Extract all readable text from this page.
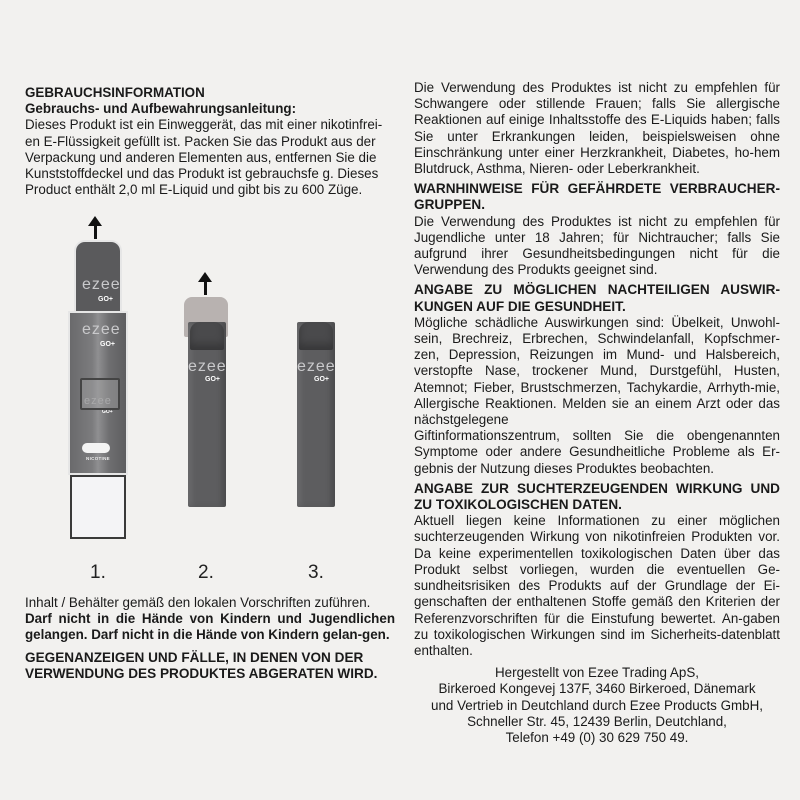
GEBRAUCHSINFORMATION

Gebrauchs- und Aufbewahrungsanleitung:

Dieses Produkt ist ein Einweggerät, das mit einer nikotinfrei-
en E-Flüssigkeit gefüllt ist. Packen Sie das Produkt aus der
Verpackung und anderen Elementen aus, entfernen Sie die
Kunststoffdeckel und das Produkt ist gebrauchsfe g. Dieses
Product enthält 2,0 ml E-Liquid und gibt bis zu 600 Züge.
ezee
GO+
ezee
GO+
ezee
GO+
NICOTINE
1.
ezee
GO+
2.
ezee
GO+
3.

Inhalt / Behälter gemäß den lokalen Vorschriften zuführen.

Darf nicht in die Hände von Kindern und Jugendlichen gelangen. Darf nicht in die Hände von Kindern gelan-gen.

GEGENANZEIGEN UND FÄLLE, IN DENEN VON DER
VERWENDUNG DES PRODUKTES ABGERATEN WIRD.

Die Verwendung des Produktes ist nicht zu empfehlen für Schwangere oder stillende Frauen; falls Sie allergische Reaktionen auf einige Inhaltsstoffe des E-Liquids haben; falls Sie unter Erkrankungen leiden, beispielsweisen ohne Einschränkung unter einer Herzkrankheit, Diabetes, ho-hem Blutdruck, Asthma, Nieren- oder Leberkrankheit.

WARNHINWEISE FÜR GEFÄHRDETE VERBRAUCHER-GRUPPEN.

Die Verwendung des Produktes ist nicht zu empfehlen für Jugendliche unter 18 Jahren; für Nichtraucher; falls Sie aufgrund ihrer Gesundheitsbedingungen nicht für die Verwendung des Produkts geeignet sind.

ANGABE ZU MÖGLICHEN NACHTEILIGEN AUSWIR-KUNGEN AUF DIE GESUNDHEIT.

Mögliche schädliche Auswirkungen sind: Übelkeit, Unwohl-sein, Brechreiz, Erbrechen, Schwindelanfall, Kopfschmer-zen, Depression, Reizungen im Mund- und Halsbereich, verstopfte Nase, trockener Mund, Durstgefühl, Husten, Atemnot; Fieber, Brustschmerzen, Tachykardie, Arrhyth-mie, Allergische Reaktionen. Melden sie an einem Arzt oder das nächstgelegene

Giftinformationszentrum, sollten Sie die obengenannten Symptome oder andere Gesundheitliche Probleme als Er-gebnis der Nutzung dieses Produktes beobachten.

ANGABE ZUR SUCHTERZEUGENDEN WIRKUNG UND ZU TOXIKOLOGISCHEN DATEN.

Aktuell liegen keine Informationen zu einer möglichen suchterzeugenden Wirkung von nikotinfreien Produkten vor. Da keine experimentellen toxikologischen Daten über das Produkt selbst vorliegen, wurden die eventuellen Ge-sundheitsrisiken des Produkts auf der Grundlage der Ei-genschaften der enthaltenen Stoffe gemäß den Kriterien der Referenzvorschriften für die Einstufung bewertet. An-gaben zu toxikologischen Wirkungen sind im Sicherheits-datenblatt enthalten.

Hergestellt von Ezee Trading ApS,
Birkeroed Kongevej 137F, 3460 Birkeroed, Dänemark
und Vertrieb in Deutchland durch Ezee Products GmbH,
Schneller Str. 45, 12439 Berlin, Deutchland,
Telefon +49 (0) 30 629 750 49.
